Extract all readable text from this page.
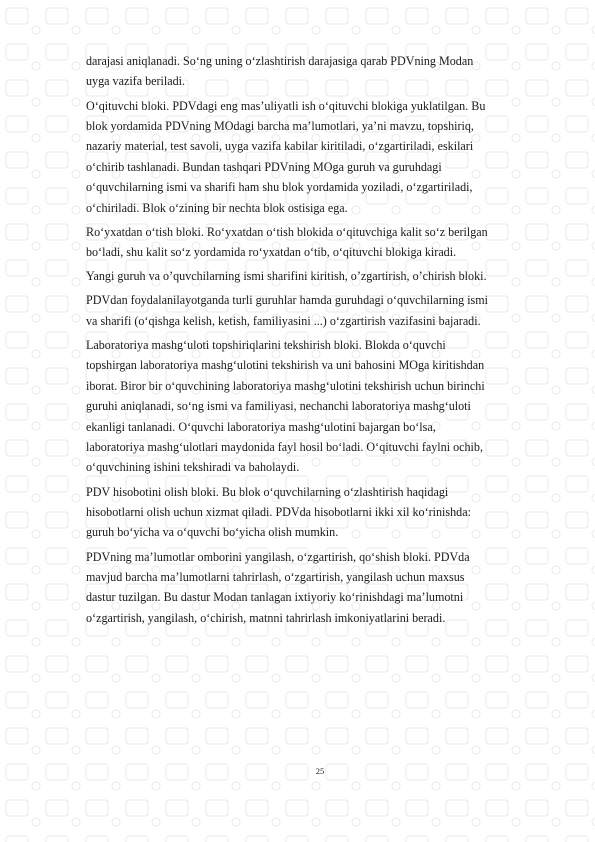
darajasi aniqlanadi. Soʻng uning oʻzlashtirish darajasiga qarab PDVning Modan
uyga vazifa beriladi.
Oʻqituvchi bloki. PDVdagi eng masʼuliyatli ish oʻqituvchi blokiga yuklatilgan. Bu
blok yordamida PDVning MOdagi barcha maʼlumotlari, yaʼni mavzu, topshiriq,
nazariy material, test savoli, uyga vazifa kabilar kiritiladi, oʻzgartiriladi, eskilari
oʻchirib tashlanadi. Bundan tashqari PDVning MOga guruh va guruhdagi
oʻquvchilarning ismi va sharifi ham shu blok yordamida yoziladi, oʻzgartiriladi,
oʻchiriladi. Blok oʻzining bir nechta blok ostisiga ega.
Roʻyxatdan oʻtish bloki. Roʻyxatdan oʻtish blokida oʻqituvchiga kalit soʻz berilgan
boʻladi, shu kalit soʻz yordamida roʻyxatdan oʻtib, oʻqituvchi blokiga kiradi.
Yangi guruh va o’quvchilarning ismi sharifini kiritish, o’zgartirish, o’chirish bloki.
PDVdan foydalanilayotganda turli guruhlar hamda guruhdagi oʻquvchilarning ismi
va sharifi (oʻqishga kelish, ketish, familiyasini ...) oʻzgartirish vazifasini bajaradi.
Laboratoriya mashgʻuloti topshiriqlarini tekshirish bloki. Blokda oʻquvchi
topshirgan laboratoriya mashgʻulotini tekshirish va uni bahosini MOga kiritishdan
iborat. Biror bir oʻquvchining laboratoriya mashgʻulotini tekshirish uchun birinchi
guruhi aniqlanadi, soʻng ismi va familiyasi, nechanchi laboratoriya mashgʻuloti
ekanligi tanlanadi. Oʻquvchi laboratoriya mashgʻulotini bajargan boʻlsa,
laboratoriya mashgʻulotlari maydonida fayl hosil boʻladi. Oʻqituvchi faylni ochib,
oʻquvchining ishini tekshiradi va baholaydi.
PDV hisobotini olish bloki. Bu blok oʻquvchilarning oʻzlashtirish haqidagi
hisobotlarni olish uchun xizmat qiladi. PDVda hisobotlarni ikki xil koʻrinishda:
guruh boʻyicha va oʻquvchi boʻyicha olish mumkin.
PDVning maʼlumotlar omborini yangilash, oʻzgartirish, qoʻshish bloki. PDVda
mavjud barcha maʼlumotlarni tahrirlash, oʻzgartirish, yangilash uchun maxsus
dastur tuzilgan. Bu dastur Modan tanlagan ixtiyoriy koʻrinishdagi maʼlumotni
oʻzgartirish, yangilash, oʻchirish, matnni tahrirlash imkoniyatlarini beradi.
25
